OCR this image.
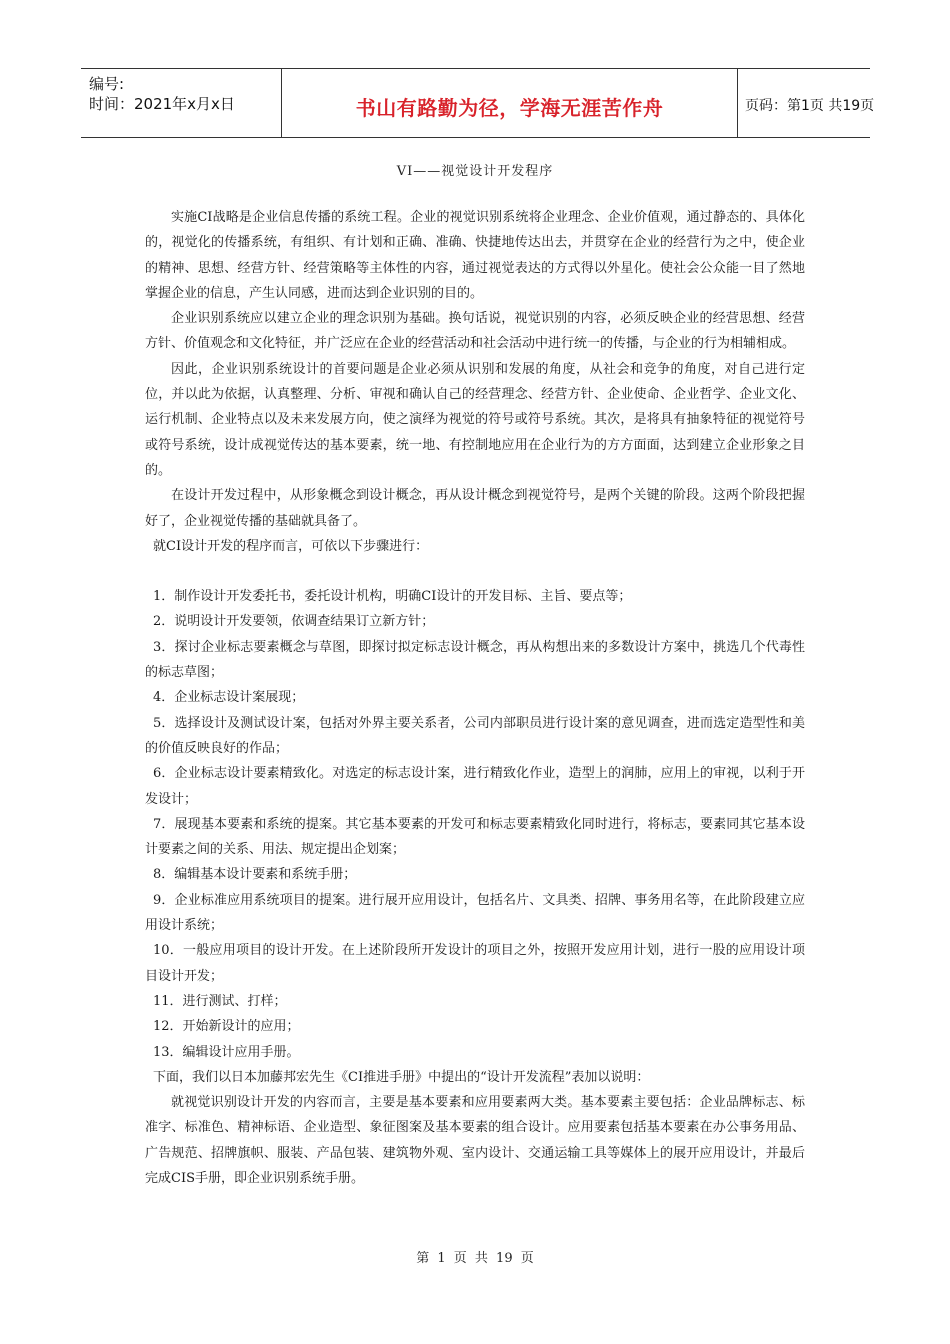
编号:
时间：2021年x月x日	书山有路勤为径，学海无涯苦作舟	页码：第1页 共19页
VI——视觉设计开发程序

实施CI战略是企业信息传播的系统工程。企业的视觉识别系统将企业理念、企业价值观，通过静态的、具体化的，视觉化的传播系统，有组织、有计划和正确、准确、快捷地传达出去，并贯穿在企业的经营行为之中，使企业的精神、思想、经营方针、经营策略等主体性的内容，通过视觉表达的方式得以外星化。使社会公众能一目了然地掌握企业的信息，产生认同感，进而达到企业识别的目的。

企业识别系统应以建立企业的理念识别为基础。换句话说，视觉识别的内容，必须反映企业的经营思想、经营方针、价值观念和文化特征，并广泛应在企业的经营活动和社会活动中进行统一的传播，与企业的行为相辅相成。

因此，企业识别系统设计的首要问题是企业必须从识别和发展的角度，从社会和竞争的角度，对自己进行定位，并以此为依据，认真整理、分析、审视和确认自己的经营理念、经营方针、企业使命、企业哲学、企业文化、运行机制、企业特点以及未来发展方向，使之演绎为视觉的符号或符号系统。其次，是将具有抽象特征的视觉符号或符号系统，设计成视觉传达的基本要素，统一地、有控制地应用在企业行为的方方面面，达到建立企业形象之目的。

在设计开发过程中，从形象概念到设计概念，再从设计概念到视觉符号，是两个关键的阶段。这两个阶段把握好了，企业视觉传播的基础就具备了。

就CI设计开发的程序而言，可依以下步骤进行：

1．制作设计开发委托书，委托设计机构，明确CI设计的开发目标、主旨、要点等；

2．说明设计开发要领，依调查结果订立新方针；

3．探讨企业标志要素概念与草图，即探讨拟定标志设计概念，再从构想出来的多数设计方案中，挑选几个代毒性的标志草图；

4．企业标志设计案展现；

5．选择设计及测试设计案，包括对外界主要关系者，公司内部职员进行设计案的意见调查，进而选定造型性和美的价值反映良好的作品；

6．企业标志设计要素精致化。对选定的标志设计案，进行精致化作业，造型上的润肺，应用上的审视，以利于开发设计；

7．展现基本要素和系统的提案。其它基本要素的开发可和标志要素精致化同时进行，将标志，要素同其它基本设计要素之间的关系、用法、规定提出企划案；

8．编辑基本设计要素和系统手册；

9．企业标准应用系统项目的提案。进行展开应用设计，包括名片、文具类、招牌、事务用名等，在此阶段建立应用设计系统；

10．一般应用项目的设计开发。在上述阶段所开发设计的项目之外，按照开发应用计划，进行一股的应用设计项目设计开发；

11．进行测试、打样；

12．开始新设计的应用；

13．编辑设计应用手册。

下面，我们以日本加藤邦宏先生《CI推进手册》中提出的“设计开发流程”表加以说明：

就视觉识别设计开发的内容而言，主要是基本要素和应用要素两大类。基本要素主要包括：企业品牌标志、标准字、标准色、精神标语、企业造型、象征图案及基本要素的组合设计。应用要素包括基本要素在办公事务用品、广告规范、招牌旗帜、服装、产品包装、建筑物外观、室内设计、交通运输工具等媒体上的展开应用设计，并最后完成CIS手册，即企业识别系统手册。

第 1 页 共 19 页
